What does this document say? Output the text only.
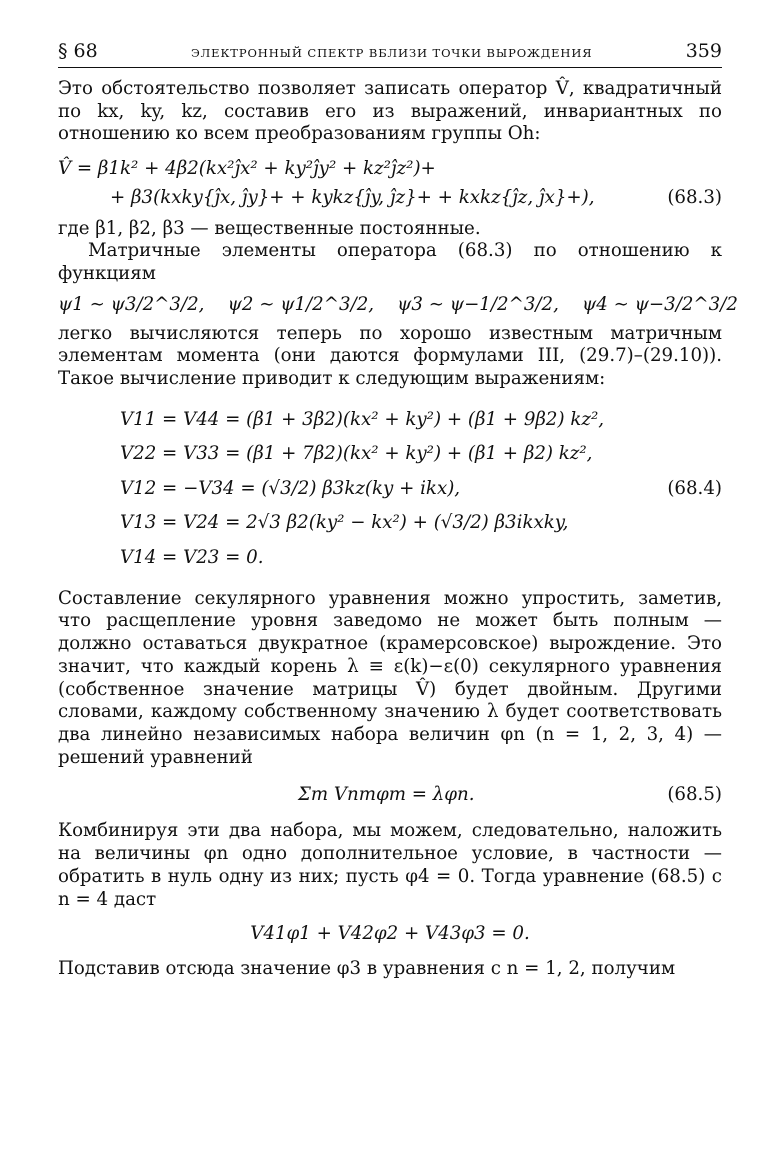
§ 68	ЭЛЕКТРОННЫЙ СПЕКТР ВБЛИЗИ ТОЧКИ ВЫРОЖДЕНИЯ	359

Это обстоятельство позволяет записать оператор V̂, квадратичный по kx, ky, kz, составив его из выражений, инвариантных по отношению ко всем преобразованиям группы Oh:

V̂ = β1k² + 4β2(kx²ĵx² + ky²ĵy² + kz²ĵz²)+
+ β3(kxky{ĵx, ĵy}+ + kykz{ĵy, ĵz}+ + kxkz{ĵz, ĵx}+),	(68.3)

где β1, β2, β3 — вещественные постоянные.

Матричные элементы оператора (68.3) по отношению к функциям

ψ1 ∼ ψ3/2^3/2,    ψ2 ∼ ψ1/2^3/2,    ψ3 ∼ ψ−1/2^3/2,    ψ4 ∼ ψ−3/2^3/2

легко вычисляются теперь по хорошо известным матричным элементам момента (они даются формулами III, (29.7)–(29.10)). Такое вычисление приводит к следующим выражениям:

V11 = V44 = (β1 + 3β2)(kx² + ky²) + (β1 + 9β2) kz²,
V22 = V33 = (β1 + 7β2)(kx² + ky²) + (β1 + β2) kz²,
V12 = −V34 = (√3/2) β3kz(ky + ikx),	(68.4)
V13 = V24 = 2√3 β2(ky² − kx²) + (√3/2) β3ikxky,
V14 = V23 = 0.

Составление секулярного уравнения можно упростить, заметив, что расщепление уровня заведомо не может быть полным — должно оставаться двукратное (крамерсовское) вырождение. Это значит, что каждый корень λ ≡ ε(k)−ε(0) секулярного уравнения (собственное значение матрицы V̂) будет двойным. Другими словами, каждому собственному значению λ будет соответствовать два линейно независимых набора величин φn (n = 1, 2, 3, 4) — решений уравнений

Σm Vnmφm = λφn.	(68.5)

Комбинируя эти два набора, мы можем, следовательно, наложить на величины φn одно дополнительное условие, в частности — обратить в нуль одну из них; пусть φ4 = 0. Тогда уравнение (68.5) с n = 4 даст

V41φ1 + V42φ2 + V43φ3 = 0.

Подставив отсюда значение φ3 в уравнения с n = 1, 2, получим
